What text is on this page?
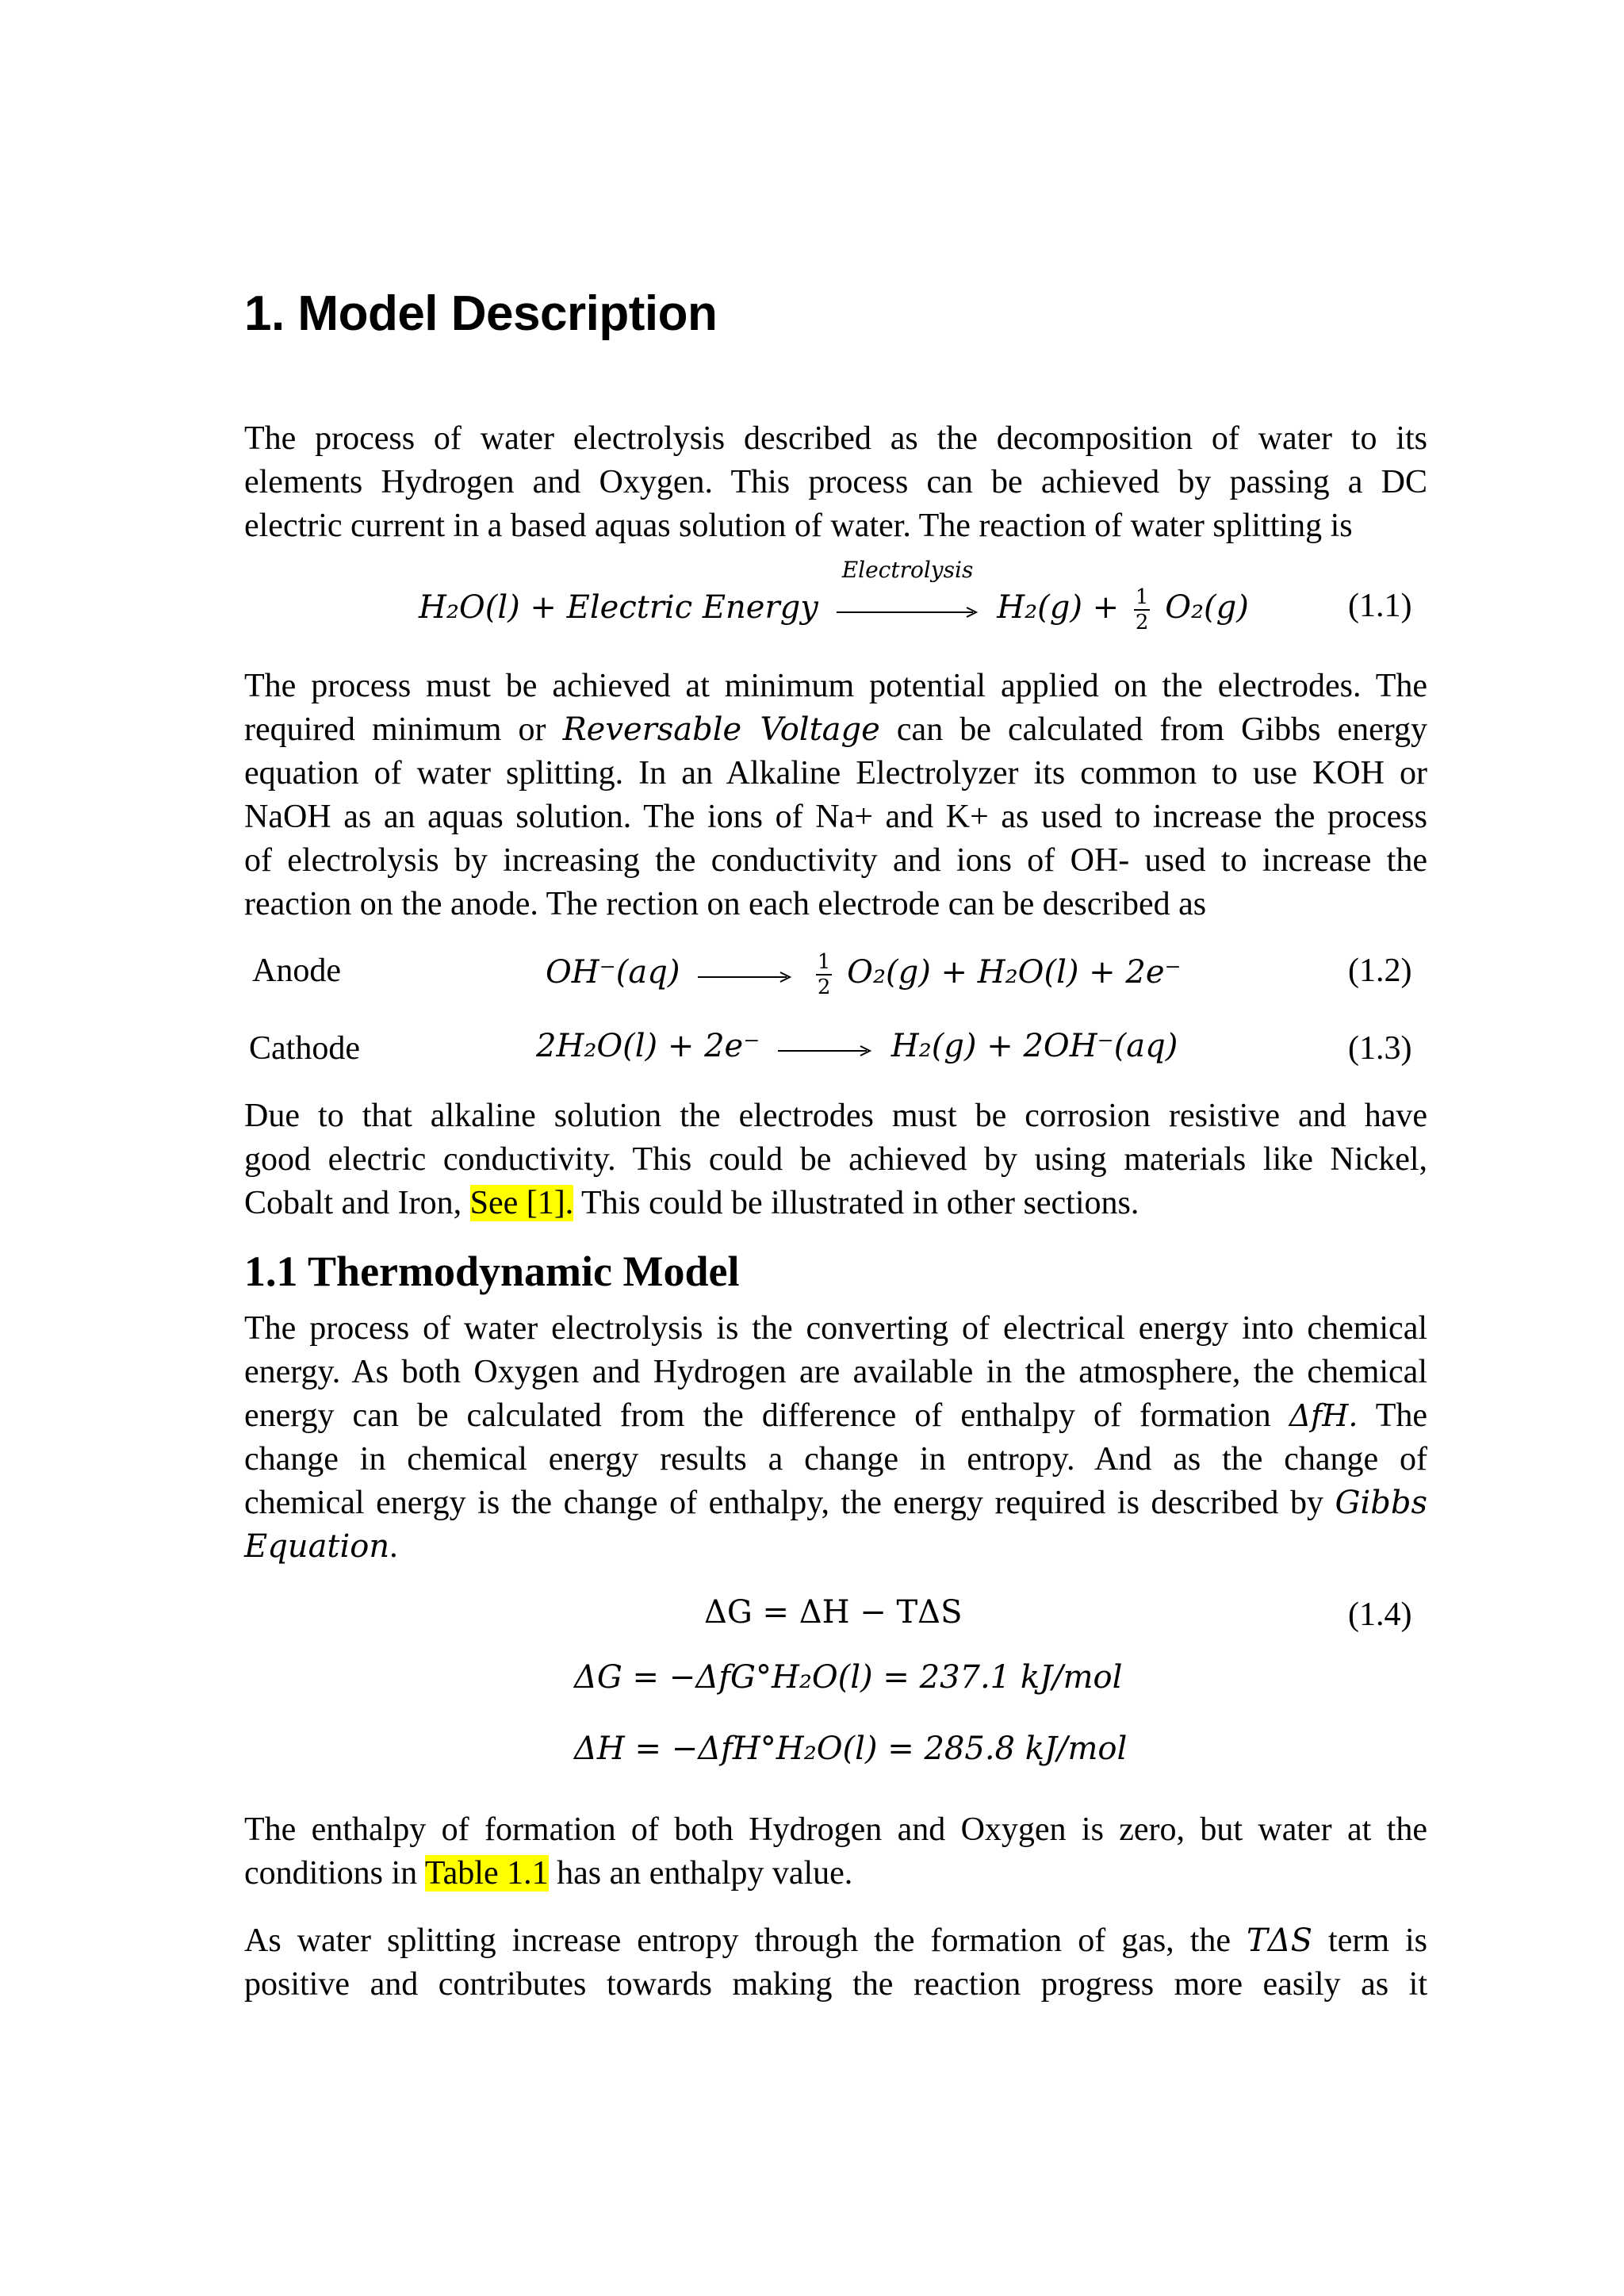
1. Model Description
The process of water electrolysis described as the decomposition of water to its
elements Hydrogen and Oxygen. This process can be achieved by passing a DC
electric current in a based aquas solution of water. The reaction of water splitting is
H₂O(l) + Electric Energy
Electrolysis
$H_2(g) + \frac{1}{2} O_2(g)$	(1.1)
The process must be achieved at minimum potential applied on the electrodes. The
required minimum or Reversable Voltage can be calculated from Gibbs energy
equation of water splitting. In an Alkaline Electrolyzer its common to use KOH or
NaOH as an aquas solution. The ions of Na+ and K+ as used to increase the process
of electrolysis by increasing the conductivity and ions of OH- used to increase the
reaction on the anode. The rection on each electrode can be described as
Anode	$OH^-(aq) \to \frac{1}{2} O_2(g) + H_2O(l) + 2e^-$	(1.2)
Cathode	2H₂O(l) + 2e⁻ → H₂(g) + 2OH⁻(aq)	(1.3)
Due to that alkaline solution the electrodes must be corrosion resistive and have
good electric conductivity. This could be achieved by using materials like Nickel,
Cobalt and Iron, See [1]. This could be illustrated in other sections.
1.1 Thermodynamic Model
The process of water electrolysis is the converting of electrical energy into chemical
energy. As both Oxygen and Hydrogen are available in the atmosphere, the chemical
energy can be calculated from the difference of enthalpy of formation ΔfH. The
change in chemical energy results a change in entropy. And as the change of
chemical energy is the change of enthalpy, the energy required is described by Gibbs
Equation.
ΔG = ΔH − TΔS	(1.4)
ΔG = −ΔfG°H₂O(l) = 237.1 kJ/mol
ΔH = −ΔfH°H₂O(l) = 285.8 kJ/mol
The enthalpy of formation of both Hydrogen and Oxygen is zero, but water at the
conditions in Table 1.1 has an enthalpy value.
As water splitting increase entropy through the formation of gas, the TΔS term is
positive and contributes towards making the reaction progress more easily as it
